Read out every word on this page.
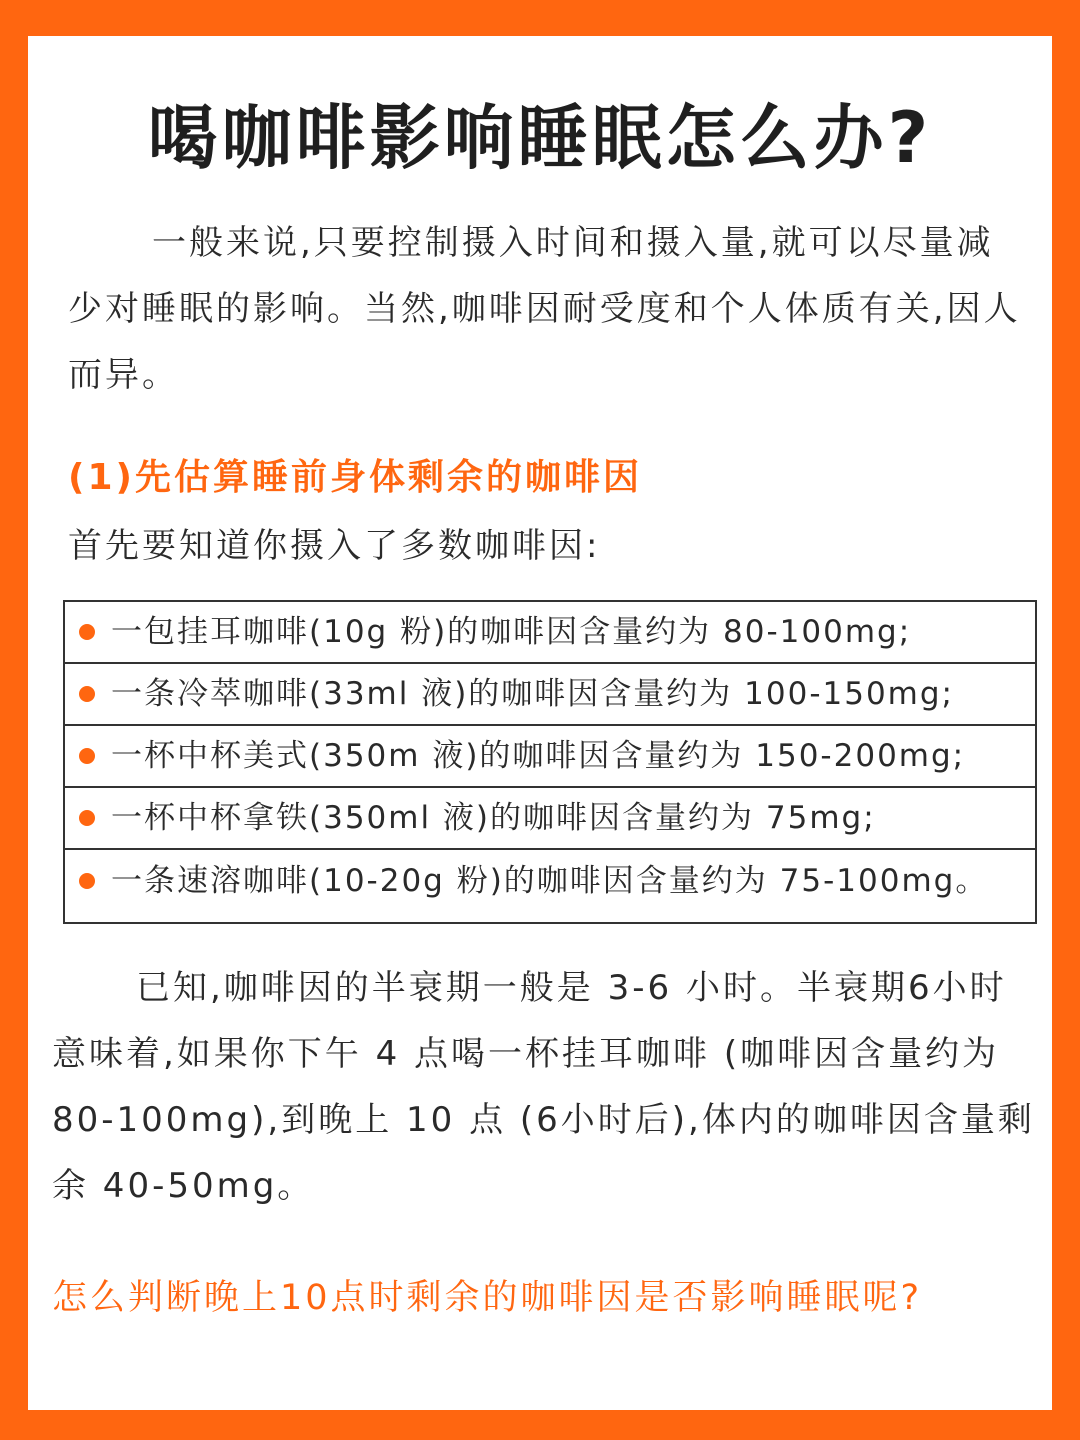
喝咖啡影响睡眠怎么办?

一般来说,只要控制摄入时间和摄入量,就可以尽量减少对睡眠的影响。当然,咖啡因耐受度和个人体质有关,因人而异。

(1)先估算睡前身体剩余的咖啡因
首先要知道你摄入了多数咖啡因:
一包挂耳咖啡(10g 粉)的咖啡因含量约为 80-100mg;
一条冷萃咖啡(33ml 液)的咖啡因含量约为 100-150mg;
一杯中杯美式(350m 液)的咖啡因含量约为 150-200mg;
一杯中杯拿铁(350ml 液)的咖啡因含量约为 75mg;
一条速溶咖啡(10-20g 粉)的咖啡因含量约为 75-100mg。

已知,咖啡因的半衰期一般是 3-6 小时。半衰期6小时意味着,如果你下午 4 点喝一杯挂耳咖啡 (咖啡因含量约为 80-100mg),到晚上 10 点 (6小时后),体内的咖啡因含量剩余 40-50mg。

怎么判断晚上10点时剩余的咖啡因是否影响睡眠呢?
